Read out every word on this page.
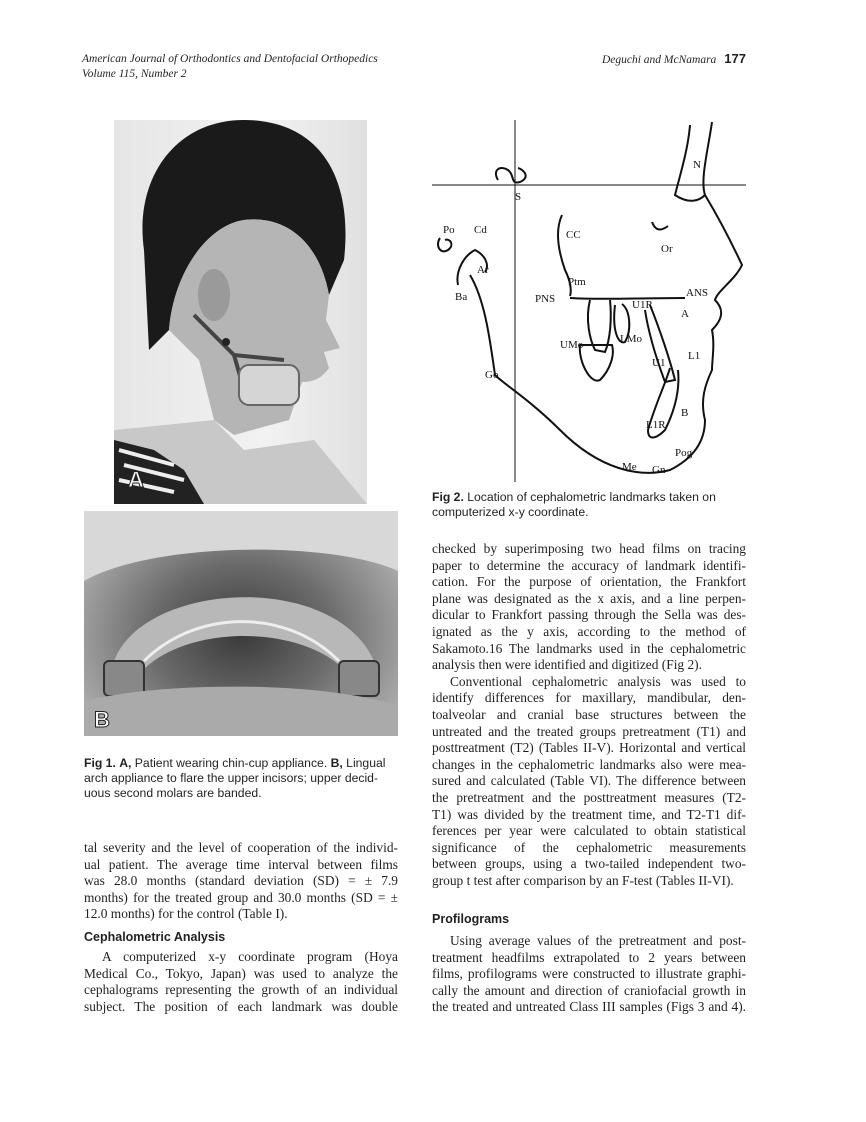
American Journal of Orthodontics and Dentofacial Orthopedics
Volume 115, Number 2
Deguchi and McNamara 177
A
B
Fig 1. A, Patient wearing chin-cup appliance. B, Lingual
arch appliance to flare the upper incisors; upper decid-
uous second molars are banded.
N
S
Po Cd	CC
Or
Ar
Ptm
Ba	PNS	ANS
U1R
A
LMo
UMo
U1
L1
Go
B
L1R
Pog
Me Gn
Fig 2. Location of cephalometric landmarks taken on
computerized x-y coordinate.
tal severity and the level of cooperation of the individ-
ual patient. The average time interval between films
was 28.0 months (standard deviation (SD) = ± 7.9
months) for the treated group and 30.0 months (SD = ±
12.0 months) for the control (Table I).
Cephalometric Analysis
A computerized x-y coordinate program (Hoya
Medical Co., Tokyo, Japan) was used to analyze the
cephalograms representing the growth of an individual
subject. The position of each landmark was double
checked by superimposing two head films on tracing
paper to determine the accuracy of landmark identifi-
cation. For the purpose of orientation, the Frankfort
plane was designated as the x axis, and a line perpen-
dicular to Frankfort passing through the Sella was des-
ignated as the y axis, according to the method of
Sakamoto.16 The landmarks used in the cephalometric
analysis then were identified and digitized (Fig 2).
Conventional cephalometric analysis was used to
identify differences for maxillary, mandibular, den-
toalveolar and cranial base structures between the
untreated and the treated groups pretreatment (T1) and
posttreatment (T2) (Tables II-V). Horizontal and vertical
changes in the cephalometric landmarks also were mea-
sured and calculated (Table VI). The difference between
the pretreatment and the posttreatment measures (T2-
T1) was divided by the treatment time, and T2-T1 dif-
ferences per year were calculated to obtain statistical
significance of the cephalometric measurements
between groups, using a two-tailed independent two-
group t test after comparison by an F-test (Tables II-VI).
Profilograms
Using average values of the pretreatment and post-
treatment headfilms extrapolated to 2 years between
films, profilograms were constructed to illustrate graphi-
cally the amount and direction of craniofacial growth in
the treated and untreated Class III samples (Figs 3 and 4).
